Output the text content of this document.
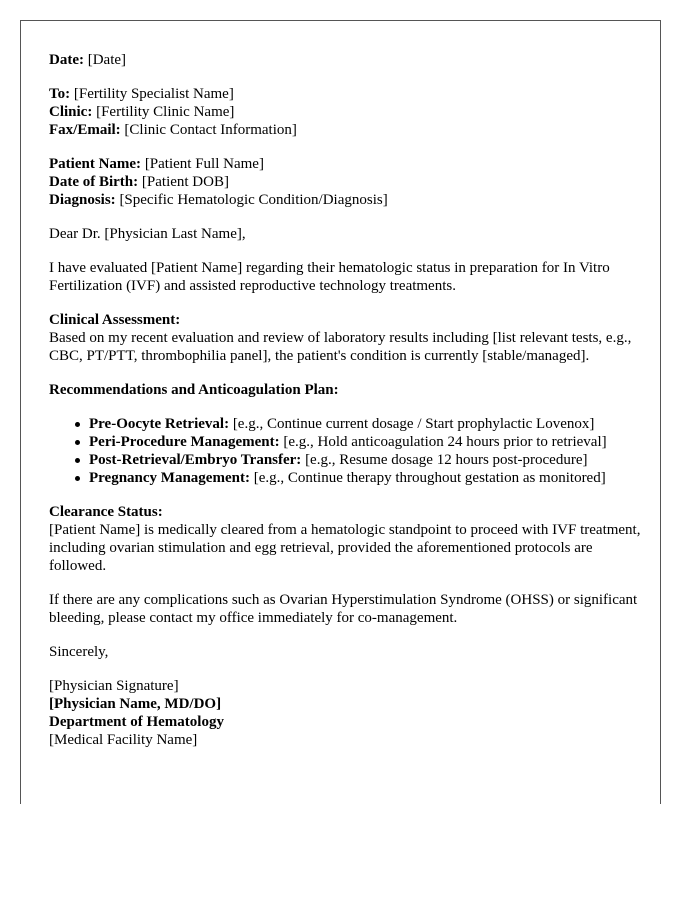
Date: [Date]
To: [Fertility Specialist Name]
Clinic: [Fertility Clinic Name]
Fax/Email: [Clinic Contact Information]
Patient Name: [Patient Full Name]
Date of Birth: [Patient DOB]
Diagnosis: [Specific Hematologic Condition/Diagnosis]

Dear Dr. [Physician Last Name],

I have evaluated [Patient Name] regarding their hematologic status in preparation for In Vitro Fertilization (IVF) and assisted reproductive technology treatments.

Clinical Assessment:
Based on my recent evaluation and review of laboratory results including [list relevant tests, e.g., CBC, PT/PTT, thrombophilia panel], the patient's condition is currently [stable/managed].
Recommendations and Anticoagulation Plan:
Pre-Oocyte Retrieval: [e.g., Continue current dosage / Start prophylactic Lovenox]
Peri-Procedure Management: [e.g., Hold anticoagulation 24 hours prior to retrieval]
Post-Retrieval/Embryo Transfer: [e.g., Resume dosage 12 hours post-procedure]
Pregnancy Management: [e.g., Continue therapy throughout gestation as monitored]
Clearance Status:
[Patient Name] is medically cleared from a hematologic standpoint to proceed with IVF treatment, including ovarian stimulation and egg retrieval, provided the aforementioned protocols are followed.

If there are any complications such as Ovarian Hyperstimulation Syndrome (OHSS) or significant bleeding, please contact my office immediately for co-management.

Sincerely,

[Physician Signature]
[Physician Name, MD/DO]
Department of Hematology
[Medical Facility Name]
